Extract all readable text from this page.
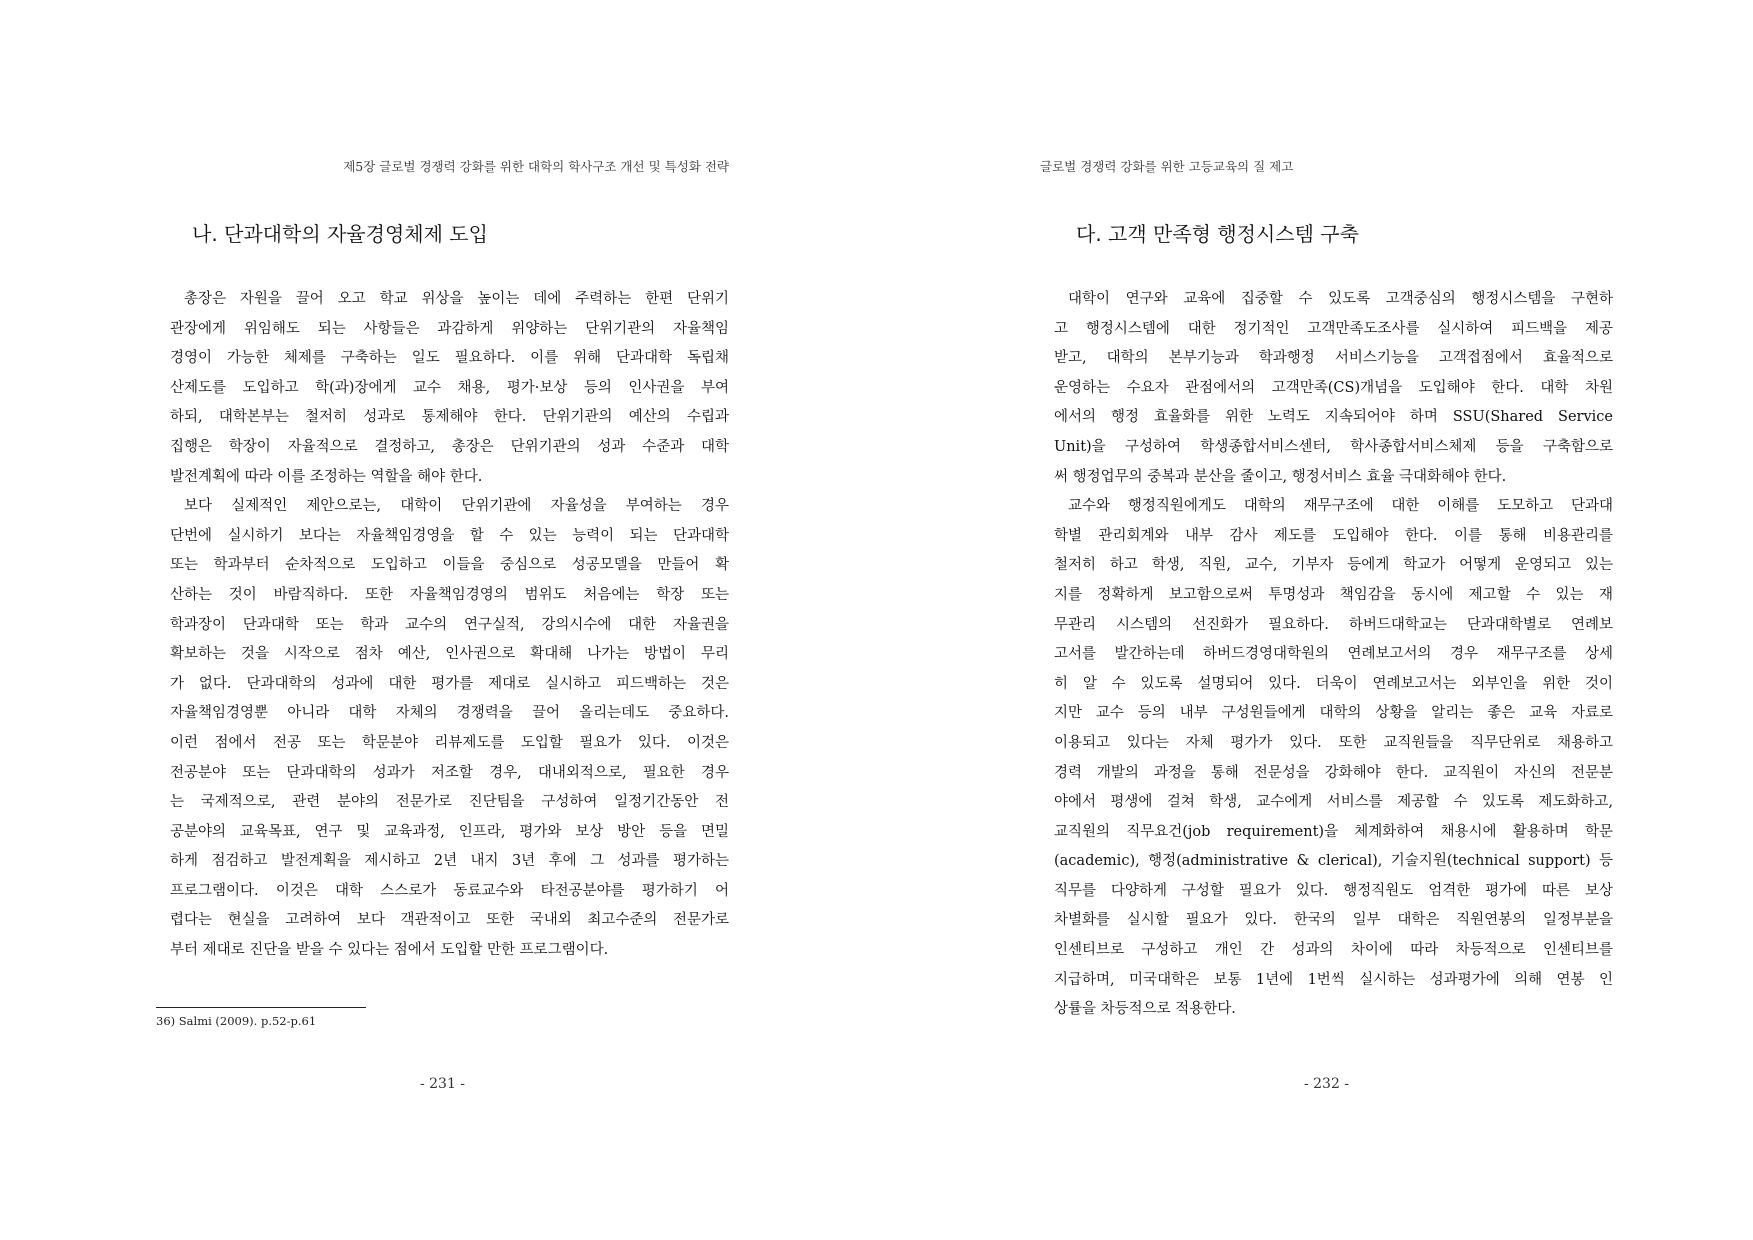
제5장 글로벌 경쟁력 강화를 위한 대학의 학사구조 개선 및 특성화 전략
나. 단과대학의 자율경영체제 도입

총장은 자원을 끌어 오고 학교 위상을 높이는 데에 주력하는 한편 단위기
관장에게 위임해도 되는 사항들은 과감하게 위양하는 단위기관의 자율책임
경영이 가능한 체제를 구축하는 일도 필요하다. 이를 위해 단과대학 독립채
산제도를 도입하고 학(과)장에게 교수 채용, 평가·보상 등의 인사권을 부여
하되, 대학본부는 철저히 성과로 통제해야 한다. 단위기관의 예산의 수립과
집행은 학장이 자율적으로 결정하고, 총장은 단위기관의 성과 수준과 대학
발전계획에 따라 이를 조정하는 역할을 해야 한다.

보다 실제적인 제안으로는, 대학이 단위기관에 자율성을 부여하는 경우
단번에 실시하기 보다는 자율책임경영을 할 수 있는 능력이 되는 단과대학
또는 학과부터 순차적으로 도입하고 이들을 중심으로 성공모델을 만들어 확
산하는 것이 바람직하다. 또한 자율책임경영의 범위도 처음에는 학장 또는
학과장이 단과대학 또는 학과 교수의 연구실적, 강의시수에 대한 자율권을
확보하는 것을 시작으로 점차 예산, 인사권으로 확대해 나가는 방법이 무리
가 없다. 단과대학의 성과에 대한 평가를 제대로 실시하고 피드백하는 것은
자율책임경영뿐 아니라 대학 자체의 경쟁력을 끌어 올리는데도 중요하다.
이런 점에서 전공 또는 학문분야 리뷰제도를 도입할 필요가 있다. 이것은
전공분야 또는 단과대학의 성과가 저조할 경우, 대내외적으로, 필요한 경우
는 국제적으로, 관련 분야의 전문가로 진단팀을 구성하여 일정기간동안 전
공분야의 교육목표, 연구 및 교육과정, 인프라, 평가와 보상 방안 등을 면밀
하게 점검하고 발전계획을 제시하고 2년 내지 3년 후에 그 성과를 평가하는
프로그램이다. 이것은 대학 스스로가 동료교수와 타전공분야를 평가하기 어
렵다는 현실을 고려하여 보다 객관적이고 또한 국내외 최고수준의 전문가로
부터 제대로 진단을 받을 수 있다는 점에서 도입할 만한 프로그램이다.

36) Salmi (2009). p.52-p.61
- 231 -
글로벌 경쟁력 강화를 위한 고등교육의 질 제고
다. 고객 만족형 행정시스템 구축

대학이 연구와 교육에 집중할 수 있도록 고객중심의 행정시스템을 구현하
고 행정시스템에 대한 정기적인 고객만족도조사를 실시하여 피드백을 제공
받고, 대학의 본부기능과 학과행정 서비스기능을 고객접점에서 효율적으로
운영하는 수요자 관점에서의 고객만족(CS)개념을 도입해야 한다. 대학 차원
에서의 행정 효율화를 위한 노력도 지속되어야 하며 SSU(Shared Service
Unit)을 구성하여 학생종합서비스센터, 학사종합서비스체제 등을 구축함으로
써 행정업무의 중복과 분산을 줄이고, 행정서비스 효율 극대화해야 한다.

교수와 행정직원에게도 대학의 재무구조에 대한 이해를 도모하고 단과대
학별 관리회계와 내부 감사 제도를 도입해야 한다. 이를 통해 비용관리를
철저히 하고 학생, 직원, 교수, 기부자 등에게 학교가 어떻게 운영되고 있는
지를 정확하게 보고함으로써 투명성과 책임감을 동시에 제고할 수 있는 재
무관리 시스템의 선진화가 필요하다. 하버드대학교는 단과대학별로 연례보
고서를 발간하는데 하버드경영대학원의 연례보고서의 경우 재무구조를 상세
히 알 수 있도록 설명되어 있다. 더욱이 연례보고서는 외부인을 위한 것이
지만 교수 등의 내부 구성원들에게 대학의 상황을 알리는 좋은 교육 자료로
이용되고 있다는 자체 평가가 있다. 또한 교직원들을 직무단위로 채용하고
경력 개발의 과정을 통해 전문성을 강화해야 한다. 교직원이 자신의 전문분
야에서 평생에 걸쳐 학생, 교수에게 서비스를 제공할 수 있도록 제도화하고,
교직원의 직무요건(job requirement)을 체계화하여 채용시에 활용하며 학문
(academic), 행정(administrative & clerical), 기술지원(technical support) 등
직무를 다양하게 구성할 필요가 있다. 행정직원도 엄격한 평가에 따른 보상
차별화를 실시할 필요가 있다. 한국의 일부 대학은 직원연봉의 일정부분을
인센티브로 구성하고 개인 간 성과의 차이에 따라 차등적으로 인센티브를
지급하며, 미국대학은 보통 1년에 1번씩 실시하는 성과평가에 의해 연봉 인
상률을 차등적으로 적용한다.

- 232 -
